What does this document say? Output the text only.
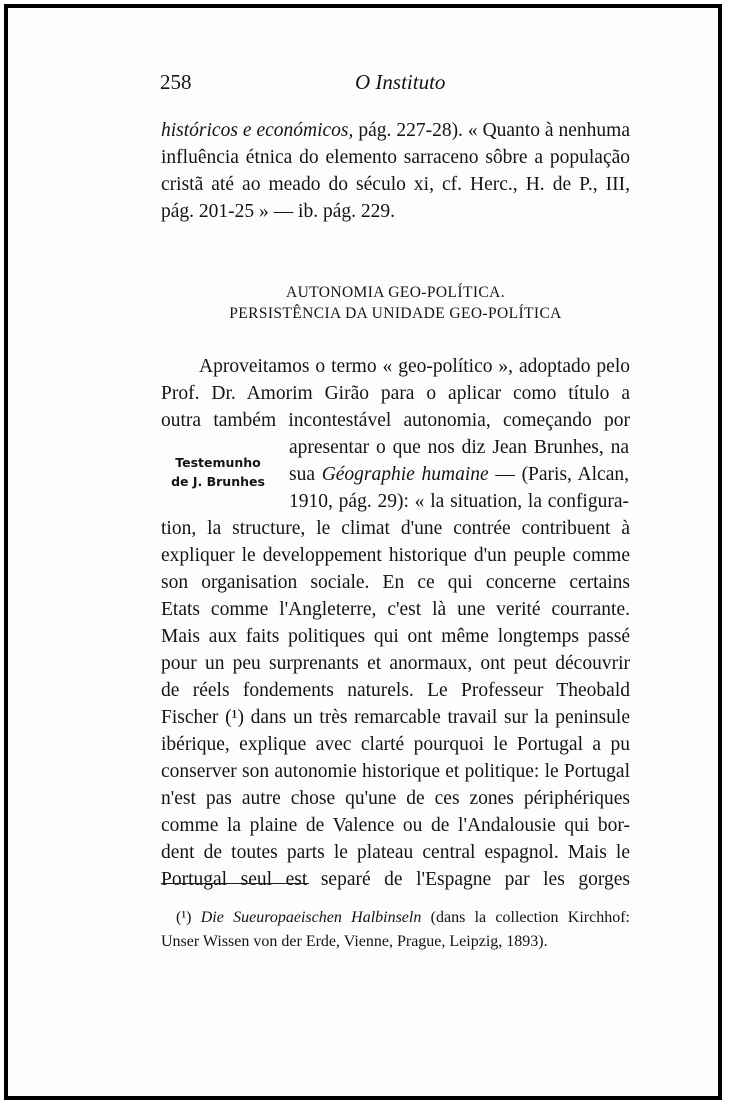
258	O Instituto
históricos e económicos, pág. 227-28). « Quanto à nenhuma
influência étnica do elemento sarraceno sôbre a população
cristã até ao meado do século xi, cf. Herc., H. de P., III,
pág. 201-25 » — ib. pág. 229.
AUTONOMIA GEO-POLÍTICA.
PERSISTÊNCIA DA UNIDADE GEO-POLÍTICA
Testemunho
de J. Brunhes
Aproveitamos o termo « geo-político », adoptado pelo
Prof. Dr. Amorim Girão para o aplicar como título a
outra também incontestável autonomia, começando por
apresentar o que nos diz Jean Brunhes, na
sua Géographie humaine — (Paris, Alcan,
1910, pág. 29): « la situation, la configura-
tion, la structure, le climat d'une contrée contribuent à
expliquer le developpement historique d'un peuple comme
son organisation sociale. En ce qui concerne certains
Etats comme l'Angleterre, c'est là une verité courrante.
Mais aux faits politiques qui ont même longtemps passé
pour un peu surprenants et anormaux, ont peut découvrir
de réels fondements naturels. Le Professeur Theobald
Fischer (¹) dans un très remarcable travail sur la peninsule
ibérique, explique avec clarté pourquoi le Portugal a pu
conserver son autonomie historique et politique: le Portugal
n'est pas autre chose qu'une de ces zones périphériques
comme la plaine de Valence ou de l'Andalousie qui bor-
dent de toutes parts le plateau central espagnol. Mais le
Portugal seul est separé de l'Espagne par les gorges
(¹) Die Sueuropaeischen Halbinseln (dans la collection Kirchhof:
Unser Wissen von der Erde, Vienne, Prague, Leipzig, 1893).
